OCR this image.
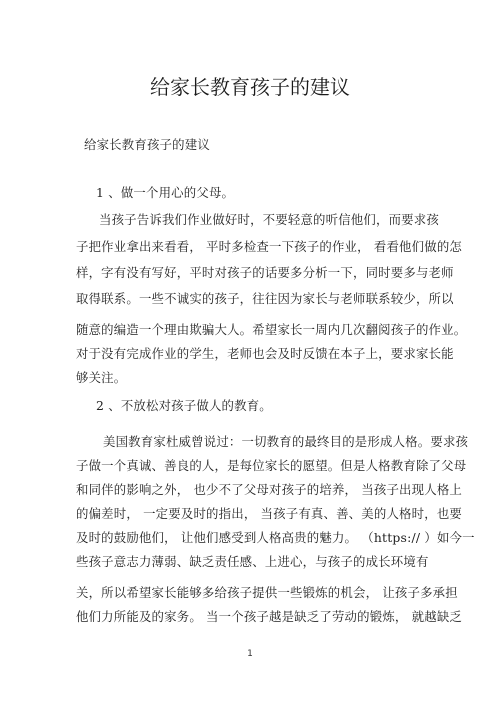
给家长教育孩子的建议
给家长教育孩子的建议
1 、做一个用心的父母。
当孩子告诉我们作业做好时，不要轻意的听信他们，而要求孩
子把作业拿出来看看， 平时多检查一下孩子的作业， 看看他们做的怎
样，字有没有写好，平时对孩子的话要多分析一下，同时要多与老师
取得联系。一些不诚实的孩子，往往因为家长与老师联系较少，所以
随意的编造一个理由欺骗大人。希望家长一周内几次翻阅孩子的作业。
对于没有完成作业的学生，老师也会及时反馈在本子上，要求家长能
够关注。
2 、不放松对孩子做人的教育。
美国教育家杜威曾说过：一切教育的最终目的是形成人格。要求孩
子做一个真诚、善良的人，是每位家长的愿望。但是人格教育除了父母
和同伴的影响之外， 也少不了父母对孩子的培养， 当孩子出现人格上
的偏差时， 一定要及时的指出， 当孩子有真、善、美的人格时，也要
及时的鼓励他们， 让他们感受到人格高贵的魅力。 （https:// ）如今一
些孩子意志力薄弱、缺乏责任感、上进心，与孩子的成长环境有
关，所以希望家长能够多给孩子提供一些锻炼的机会， 让孩子多承担
他们力所能及的家务。 当一个孩子越是缺乏了劳动的锻炼， 就越缺乏
1
